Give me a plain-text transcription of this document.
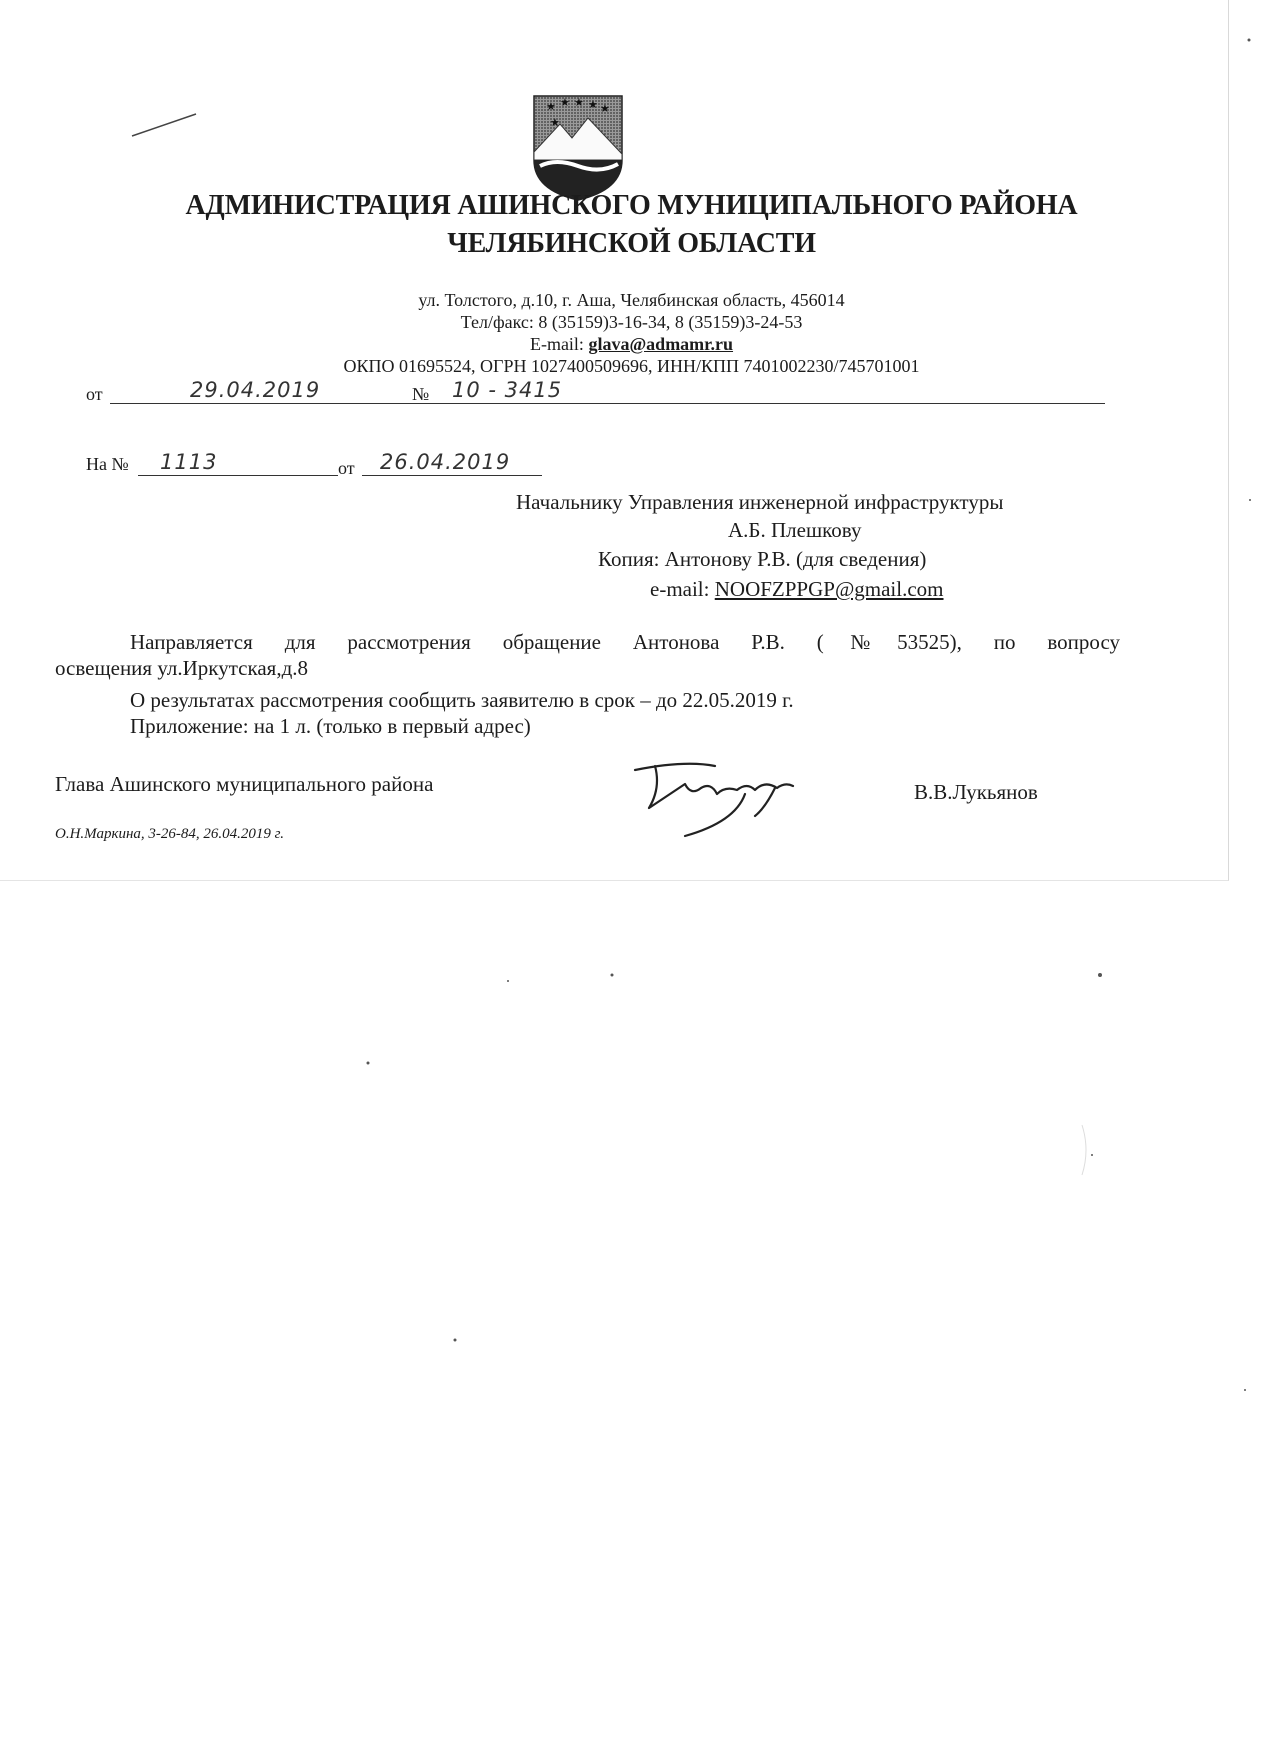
★ ★ ★ ★ ★
★
АДМИНИСТРАЦИЯ АШИНСКОГО МУНИЦИПАЛЬНОГО РАЙОНА
ЧЕЛЯБИНСКОЙ ОБЛАСТИ
ул. Толстого, д.10, г. Аша, Челябинская область, 456014
Тел/факс: 8 (35159)3-16-34, 8 (35159)3-24-53
E-mail: glava@admamr.ru
ОКПО 01695524, ОГРН 1027400509696, ИНН/КПП 7401002230/745701001
от	29.04.2019	№ 10 - 3415
На № 1113	от 26.04.2019
Начальнику Управления инженерной инфраструктуры
А.Б. Плешкову
Копия: Антонову Р.В. (для сведения)
e-mail: NOOFZPPGP@gmail.com
Направляется для рассмотрения обращение Антонова Р.В. (№53525), по вопросу
освещения ул.Иркутская,д.8
О результатах рассмотрения сообщить заявителю в срок – до 22.05.2019 г.
Приложение: на 1 л. (только в первый адрес)
Глава Ашинского муниципального района	В.В.Лукьянов
О.Н.Маркина, 3-26-84, 26.04.2019 г.
